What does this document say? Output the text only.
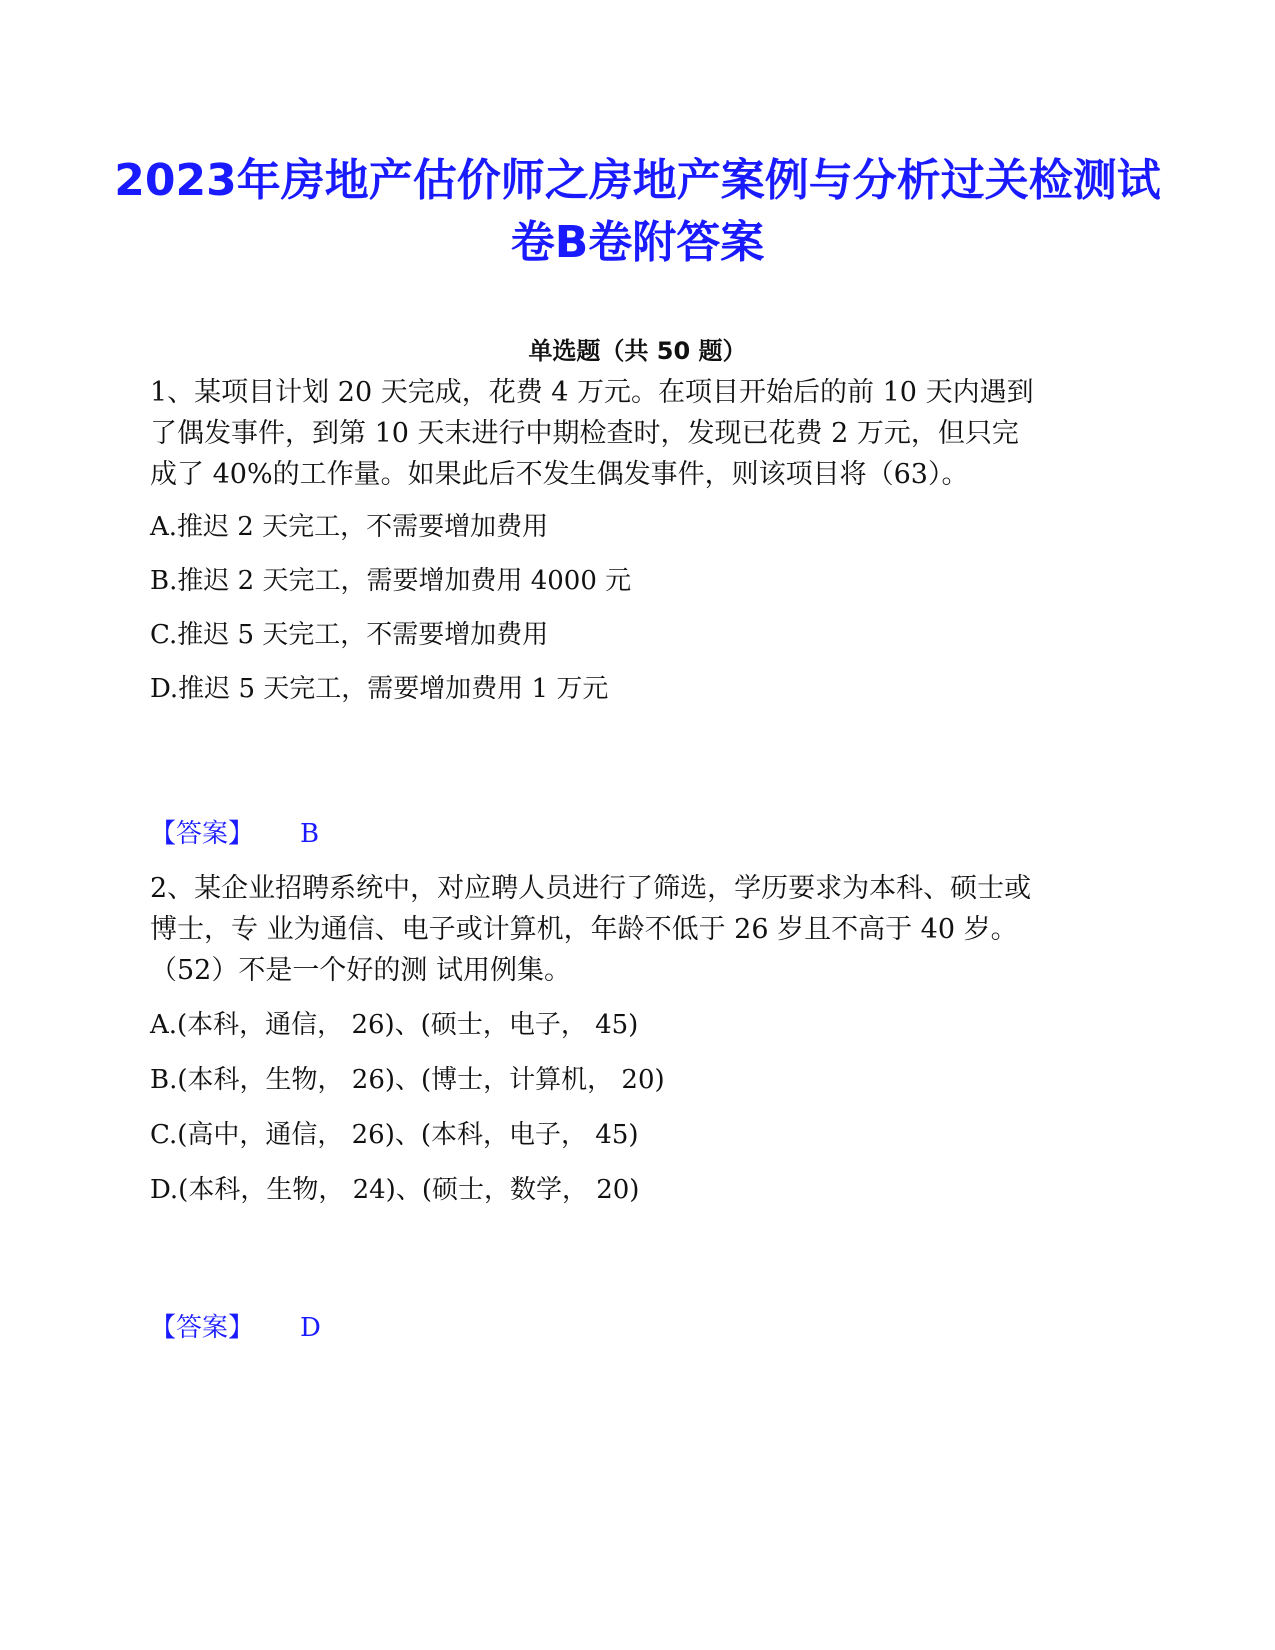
2023年房地产估价师之房地产案例与分析过关检测试卷B卷附答案
单选题（共 50 题）

1、某项目计划 20 天完成，花费 4 万元。在项目开始后的前 10 天内遇到
了偶发事件，到第 10 天末进行中期检查时，发现已花费 2 万元，但只完
成了 40%的工作量。如果此后不发生偶发事件，则该项目将（63）。

A.推迟 2 天完工，不需要增加费用

B.推迟 2 天完工，需要增加费用 4000 元

C.推迟 5 天完工，不需要增加费用

D.推迟 5 天完工，需要增加费用 1 万元

【答案】 B

2、某企业招聘系统中，对应聘人员进行了筛选，学历要求为本科、硕士或
博士，专 业为通信、电子或计算机，年龄不低于 26 岁且不高于 40 岁。
（52）不是一个好的测 试用例集。

A.(本科，通信， 26)、(硕士，电子， 45)

B.(本科，生物， 26)、(博士，计算机， 20)

C.(高中，通信， 26)、(本科，电子， 45)

D.(本科，生物， 24)、(硕士，数学， 20)

【答案】 D
